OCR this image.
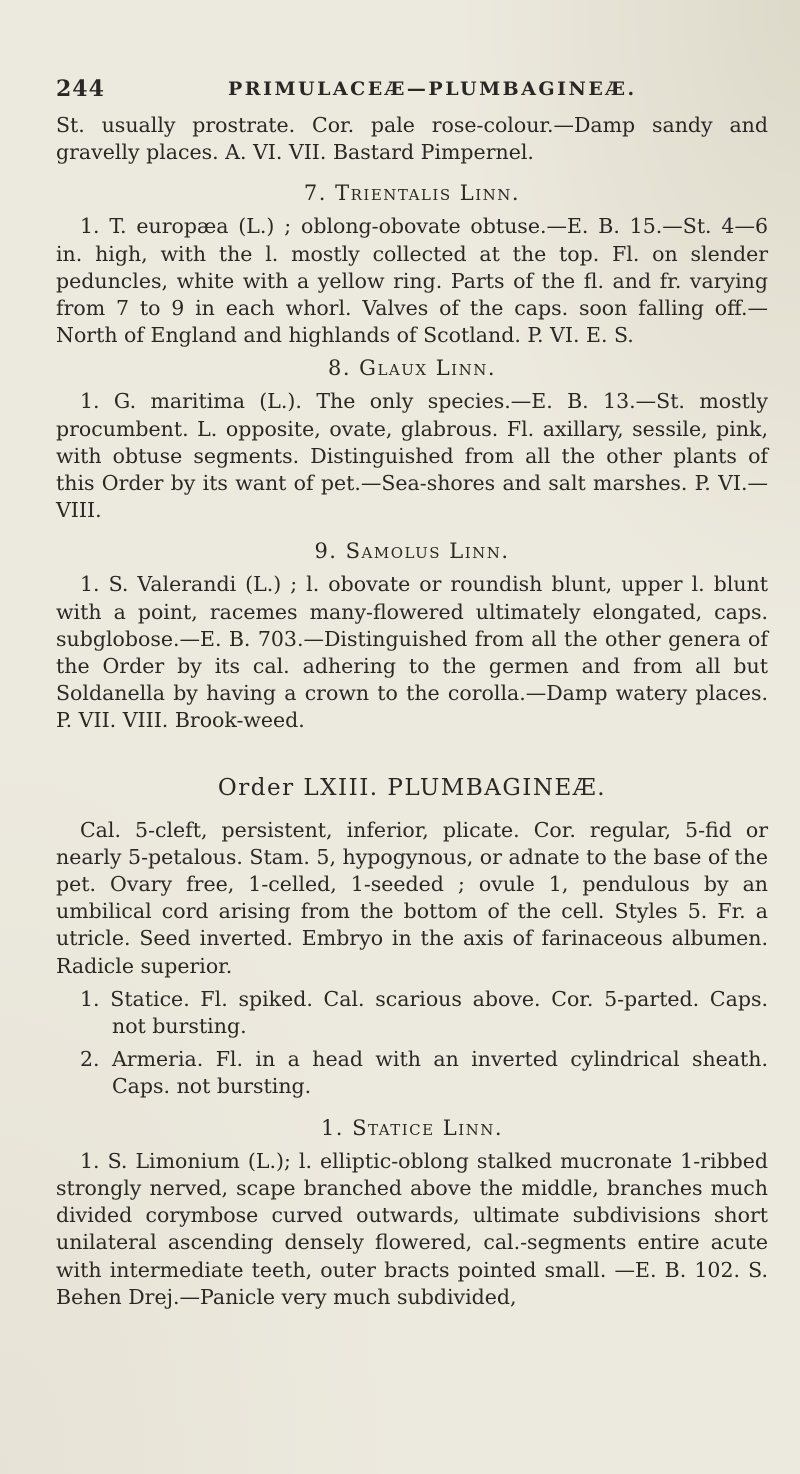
244	PRIMULACEÆ—PLUMBAGINEÆ.

St. usually prostrate. Cor. pale rose-colour.—Damp sandy and gravelly places. A. VI. VII. Bastard Pimpernel.

7. Trientalis Linn.

1. T. europæa (L.) ; oblong-obovate obtuse.—E. B. 15.—St. 4—6 in. high, with the l. mostly collected at the top. Fl. on slender peduncles, white with a yellow ring. Parts of the fl. and fr. varying from 7 to 9 in each whorl. Valves of the caps. soon falling off.—North of England and highlands of Scotland. P. VI. E. S.

8. Glaux Linn.

1. G. maritima (L.). The only species.—E. B. 13.—St. mostly procumbent. L. opposite, ovate, glabrous. Fl. axillary, sessile, pink, with obtuse segments. Distinguished from all the other plants of this Order by its want of pet.—Sea-shores and salt marshes. P. VI.—VIII.

9. Samolus Linn.

1. S. Valerandi (L.) ; l. obovate or roundish blunt, upper l. blunt with a point, racemes many-flowered ultimately elongated, caps. subglobose.—E. B. 703.—Distinguished from all the other genera of the Order by its cal. adhering to the germen and from all but Soldanella by having a crown to the corolla.—Damp watery places. P. VII. VIII. Brook-weed.

Order LXIII. PLUMBAGINEÆ.

Cal. 5-cleft, persistent, inferior, plicate. Cor. regular, 5-fid or nearly 5-petalous. Stam. 5, hypogynous, or adnate to the base of the pet. Ovary free, 1-celled, 1-seeded ; ovule 1, pendulous by an umbilical cord arising from the bottom of the cell. Styles 5. Fr. a utricle. Seed inverted. Embryo in the axis of farinaceous albumen. Radicle superior.

1. Statice. Fl. spiked. Cal. scarious above. Cor. 5-parted. Caps. not bursting.

2. Armeria. Fl. in a head with an inverted cylindrical sheath. Caps. not bursting.

1. Statice Linn.

1. S. Limonium (L.); l. elliptic-oblong stalked mucronate 1-ribbed strongly nerved, scape branched above the middle, branches much divided corymbose curved outwards, ultimate subdivisions short unilateral ascending densely flowered, cal.-segments entire acute with intermediate teeth, outer bracts pointed small. —E. B. 102. S. Behen Drej.—Panicle very much subdivided,
